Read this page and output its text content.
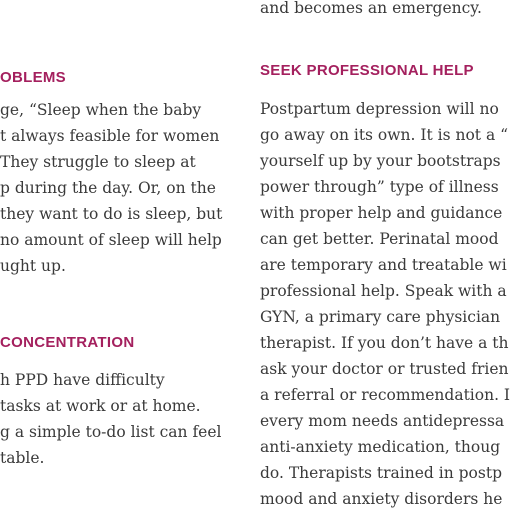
OBLEMS

ge, “Sleep when the baby
t always feasible for women
They struggle to sleep at
p during the day. Or, on the
they want to do is sleep, but
no amount of sleep will help
ught up.

CONCENTRATION

h PPD have difficulty
tasks at work or at home.
g a simple to-do list can feel
table.

and becomes an emergency.

SEEK PROFESSIONAL HELP

Postpartum depression will no
go away on its own. It is not a “
yourself up by your bootstraps
power through” type of illness
with proper help and guidance
can get better. Perinatal mood
are temporary and treatable wi
professional help. Speak with a
GYN, a primary care physician
therapist. If you don’t have a th
ask your doctor or trusted frien
a referral or recommendation. I
every mom needs antidepressa
anti-anxiety medication, thoug
do. Therapists trained in postp
mood and anxiety disorders he
